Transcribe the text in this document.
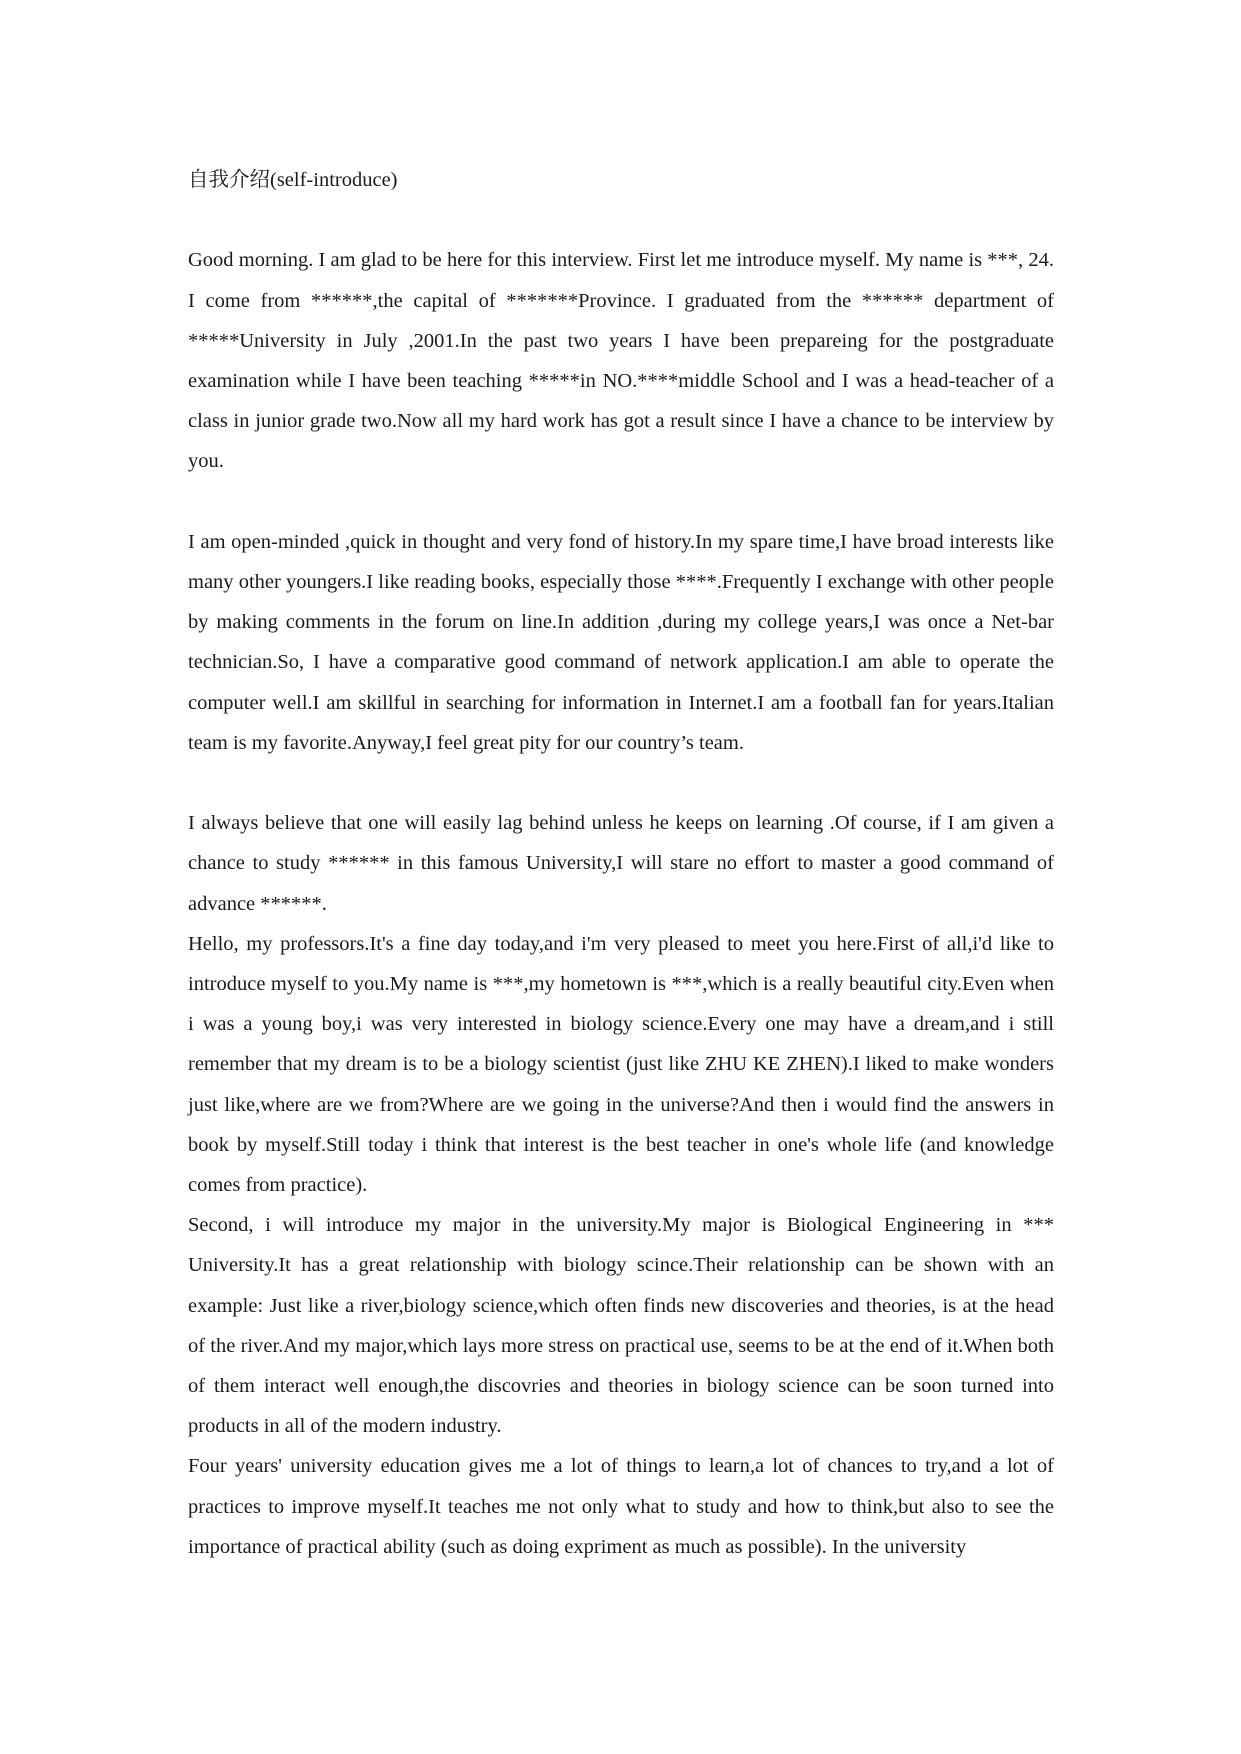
自我介绍(self-introduce)

Good morning. I am glad to be here for this interview. First let me introduce myself. My name is ***, 24. I come from ******,the capital of *******Province. I graduated from the ****** department of *****University in July ,2001.In the past two years I have been prepareing for the postgraduate examination while I have been teaching *****in NO.****middle School and I was a head-teacher of a class in junior grade two.Now all my hard work has got a result since I have a chance to be interview by you.

I am open-minded ,quick in thought and very fond of history.In my spare time,I have broad interests like many other youngers.I like reading books, especially those ****.Frequently I exchange with other people by making comments in the forum on line.In addition ,during my college years,I was once a Net-bar technician.So, I have a comparative good command of network application.I am able to operate the computer well.I am skillful in searching for information in Internet.I am a football fan for years.Italian team is my favorite.Anyway,I feel great pity for our country’s team.

I always believe that one will easily lag behind unless he keeps on learning .Of course, if I am given a chance to study ****** in this famous University,I will stare no effort to master a good command of advance ******.

Hello, my professors.It's a fine day today,and i'm very pleased to meet you here.First of all,i'd like to introduce myself to you.My name is ***,my hometown is ***,which is a really beautiful city.Even when i was a young boy,i was very interested in biology science.Every one may have a dream,and i still remember that my dream is to be a biology scientist (just like ZHU KE ZHEN).I liked to make wonders just like,where are we from?Where are we going in the universe?And then i would find the answers in book by myself.Still today i think that interest is the best teacher in one's whole life (and knowledge comes from practice).

Second, i will introduce my major in the university.My major is Biological Engineering in *** University.It has a great relationship with biology scince.Their relationship can be shown with an example: Just like a river,biology science,which often finds new discoveries and theories, is at the head of the river.And my major,which lays more stress on practical use, seems to be at the end of it.When both of them interact well enough,the discovries and theories in biology science can be soon turned into products in all of the modern industry.

Four years' university education gives me a lot of things to learn,a lot of chances to try,and a lot of practices to improve myself.It teaches me not only what to study and how to think,but also to see the importance of practical ability (such as doing expriment as much as possible). In the university
